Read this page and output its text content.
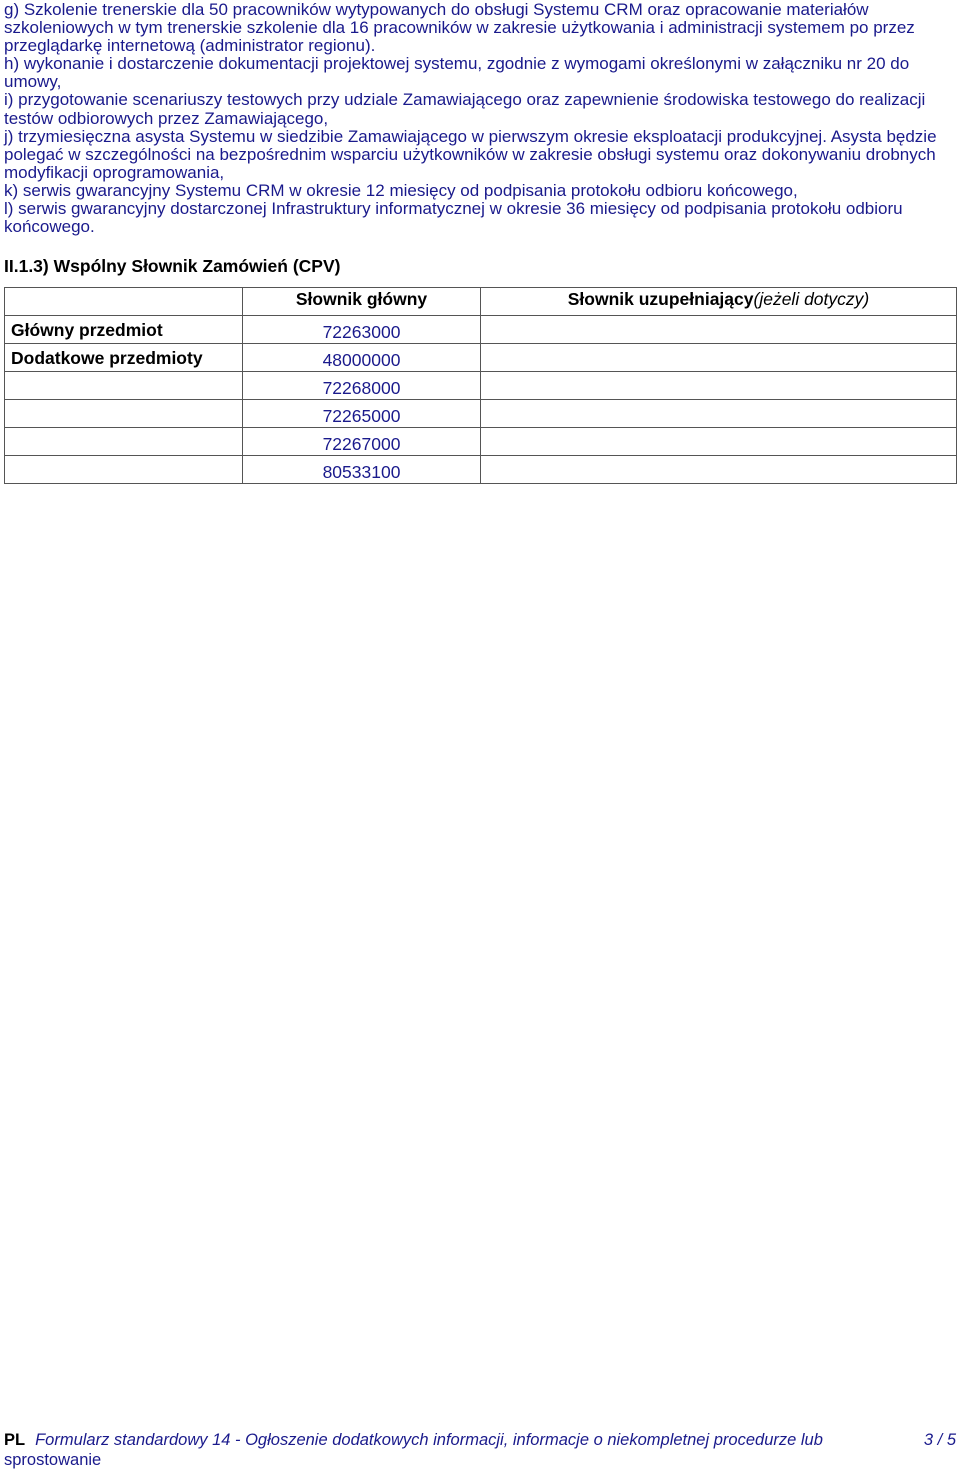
g) Szkolenie trenerskie dla 50 pracowników wytypowanych do obsługi Systemu CRM oraz opracowanie materiałów szkoleniowych w tym trenerskie szkolenie dla 16 pracowników w zakresie użytkowania i administracji systemem po przez przeglądarkę internetową (administrator regionu).

h) wykonanie i dostarczenie dokumentacji projektowej systemu, zgodnie z wymogami określonymi w załączniku nr 20 do umowy,

i) przygotowanie scenariuszy testowych przy udziale Zamawiającego oraz zapewnienie środowiska testowego do realizacji testów odbiorowych przez Zamawiającego,

j) trzymiesięczna asysta Systemu w siedzibie Zamawiającego w pierwszym okresie eksploatacji produkcyjnej. Asysta będzie polegać w szczególności na bezpośrednim wsparciu użytkowników w zakresie obsługi systemu oraz dokonywaniu drobnych modyfikacji oprogramowania,

k) serwis gwarancyjny Systemu CRM w okresie 12 miesięcy od podpisania protokołu odbioru końcowego,

l) serwis gwarancyjny dostarczonej Infrastruktury informatycznej w okresie 36 miesięcy od podpisania protokołu odbioru końcowego.

II.1.3) Wspólny Słownik Zamówień (CPV)
	Słownik główny	Słownik uzupełniający(jeżeli dotyczy)
Główny przedmiot	72263000	
Dodatkowe przedmioty	48000000	
	72268000	
	72265000	
	72267000	
	80533100	
PL Formularz standardowy 14 - Ogłoszenie dodatkowych informacji, informacje o niekompletnej procedurze lub
sprostowanie
3 / 5
